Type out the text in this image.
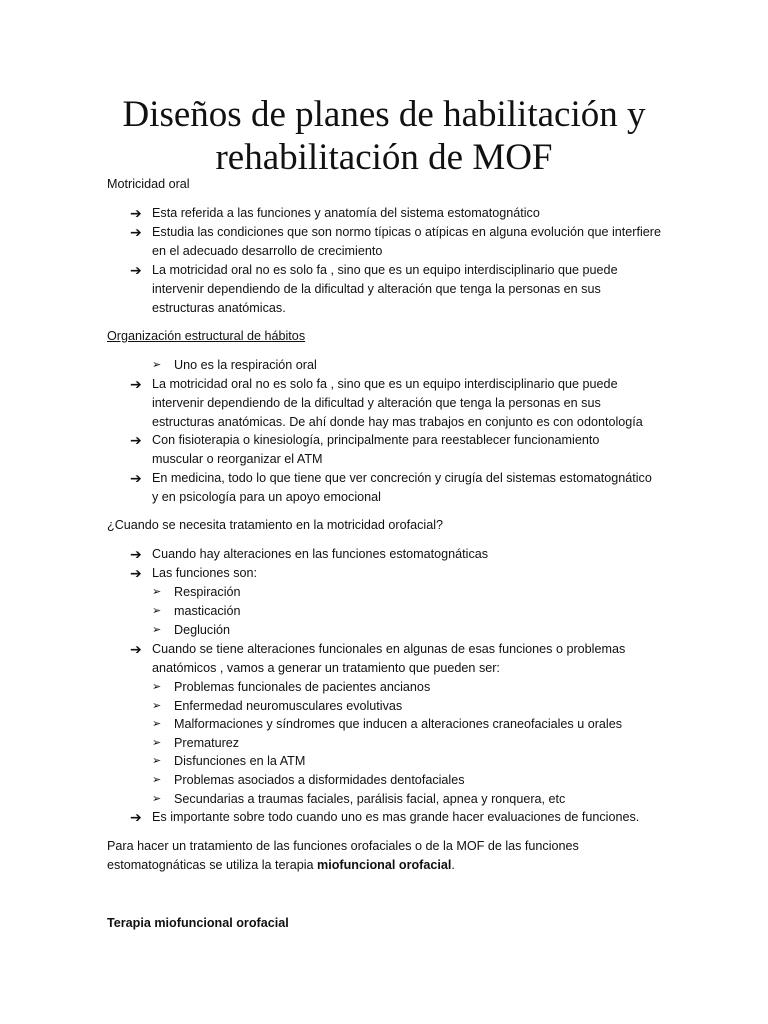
Diseños de planes de habilitación y
rehabilitación de MOF

Motricidad oral

➔ Esta referida a las funciones y anatomía del sistema estomatognático
➔ Estudia las condiciones que son normo típicas o atípicas en alguna evolución que interfiere
en el adecuado desarrollo de crecimiento
➔ La motricidad oral no es solo fa , sino que es un equipo interdisciplinario que puede
intervenir dependiendo de la dificultad y alteración que tenga la personas en sus
estructuras anatómicas.

Organización estructural de hábitos

➢	Uno es la respiración oral
➔ La motricidad oral no es solo fa , sino que es un equipo interdisciplinario que puede
intervenir dependiendo de la dificultad y alteración que tenga la personas en sus
estructuras anatómicas. De ahí donde hay mas trabajos en conjunto es con odontología
➔ Con fisioterapia o kinesiología, principalmente para reestablecer funcionamiento
muscular o reorganizar el ATM
➔ En medicina, todo lo que tiene que ver concreción y cirugía del sistemas estomatognático
y en psicología para un apoyo emocional

¿Cuando se necesita tratamiento en la motricidad orofacial?

➔ Cuando hay alteraciones en las funciones estomatognáticas
➔ Las funciones son:
➢	Respiración
➢	masticación
➢	Deglución
➔ Cuando se tiene alteraciones funcionales en algunas de esas funciones o problemas
anatómicos , vamos a generar un tratamiento que pueden ser:
➢	Problemas funcionales de pacientes ancianos
➢	Enfermedad neuromusculares evolutivas
➢	Malformaciones y síndromes que inducen a alteraciones craneofaciales u orales
➢	Prematurez
➢	Disfunciones en la ATM
➢	Problemas asociados a disformidades dentofaciales
➢	Secundarias a traumas faciales, parálisis facial, apnea y ronquera, etc
➔ Es importante sobre todo cuando uno es mas grande hacer evaluaciones de funciones.

Para hacer un tratamiento de las funciones orofaciales o de la MOF de las funciones
estomatognáticas se utiliza la terapia miofuncional orofacial.

Terapia miofuncional orofacial
